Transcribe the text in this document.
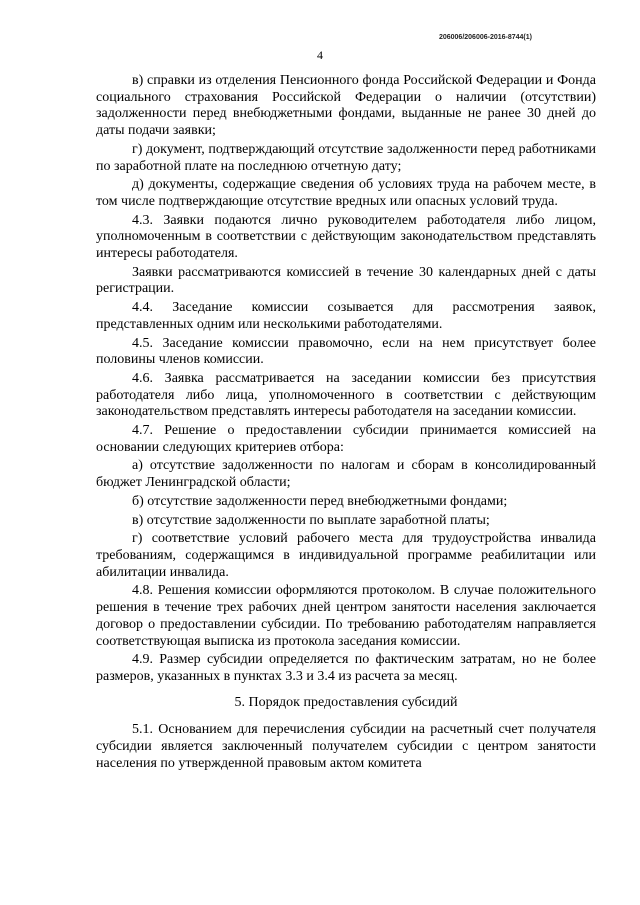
206006/206006-2016-8744(1)
4

в) справки из отделения Пенсионного фонда Российской Федерации и Фонда социального страхования Российской Федерации о наличии (отсутствии) задолженности перед внебюджетными фондами, выданные не ранее 30 дней до даты подачи заявки;

г) документ, подтверждающий отсутствие задолженности перед работниками по заработной плате на последнюю отчетную дату;

д) документы, содержащие сведения об условиях труда на рабочем месте, в том числе подтверждающие отсутствие вредных или опасных условий труда.

4.3. Заявки подаются лично руководителем работодателя либо лицом, уполномоченным в соответствии с действующим законодательством представлять интересы работодателя.

Заявки рассматриваются комиссией в течение 30 календарных дней с даты регистрации.

4.4. Заседание комиссии созывается для рассмотрения заявок, представленных одним или несколькими работодателями.

4.5. Заседание комиссии правомочно, если на нем присутствует более половины членов комиссии.

4.6. Заявка рассматривается на заседании комиссии без присутствия работодателя либо лица, уполномоченного в соответствии с действующим законодательством представлять интересы работодателя на заседании комиссии.

4.7. Решение о предоставлении субсидии принимается комиссией на основании следующих критериев отбора:

а) отсутствие задолженности по налогам и сборам в консолидированный бюджет Ленинградской области;

б) отсутствие задолженности перед внебюджетными фондами;

в) отсутствие задолженности по выплате заработной платы;

г) соответствие условий рабочего места для трудоустройства инвалида требованиям, содержащимся в индивидуальной программе реабилитации или абилитации инвалида.

4.8. Решения комиссии оформляются протоколом. В случае положительного решения в течение трех рабочих дней центром занятости населения заключается договор о предоставлении субсидии. По требованию работодателям направляется соответствующая выписка из протокола заседания комиссии.

4.9. Размер субсидии определяется по фактическим затратам, но не более размеров, указанных в пунктах 3.3 и 3.4 из расчета за месяц.

5. Порядок предоставления субсидий

5.1. Основанием для перечисления субсидии на расчетный счет получателя субсидии является заключенный получателем субсидии с центром занятости населения по утвержденной правовым актом комитета
